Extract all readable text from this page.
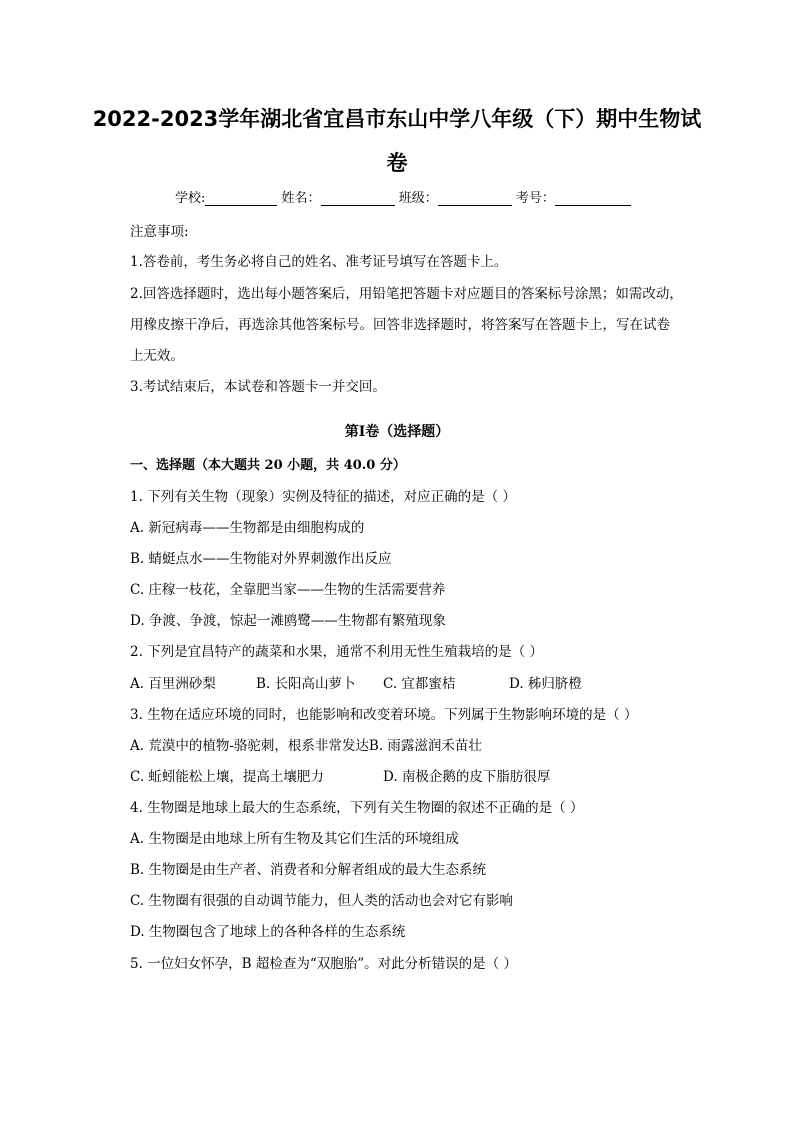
2022-2023学年湖北省宜昌市东山中学八年级（下）期中生物试
卷
学校:	姓名：	班级：	考号：
注意事项:
1.答卷前，考生务必将自己的姓名、准考证号填写在答题卡上。
2.回答选择题时，选出每小题答案后，用铅笔把答题卡对应题目的答案标号涂黑；如需改动，
用橡皮擦干净后，再选涂其他答案标号。回答非选择题时，将答案写在答题卡上，写在试卷
上无效。
3.考试结束后，本试卷和答题卡一并交回。
第I卷（选择题）
一、选择题（本大题共 20 小题，共 40.0 分）
1. 下列有关生物（现象）实例及特征的描述，对应正确的是（ ）
A. 新冠病毒——生物都是由细胞构成的
B. 蜻蜓点水——生物能对外界刺激作出反应
C. 庄稼一枝花，全靠肥当家——生物的生活需要营养
D. 争渡、争渡，惊起一滩鸥鹭——生物都有繁殖现象
2. 下列是宜昌特产的蔬菜和水果，通常不利用无性生殖栽培的是（ ）
A. 百里洲砂梨	B. 长阳高山萝卜 C. 宜都蜜桔	D. 秭归脐橙
3. 生物在适应环境的同时，也能影响和改变着环境。下列属于生物影响环境的是（ ）
A. 荒漠中的植物-骆驼刺，根系非常发达B. 雨露滋润禾苗壮
C. 蚯蚓能松上壤，提高土壤肥力	D. 南极企鹅的皮下脂肪很厚
4. 生物圈是地球上最大的生态系统，下列有关生物圈的叙述不正确的是（ ）
A. 生物圈是由地球上所有生物及其它们生活的环境组成
B. 生物圈是由生产者、消费者和分解者组成的最大生态系统
C. 生物圈有很强的自动调节能力，但人类的活动也会对它有影响
D. 生物圈包含了地球上的各种各样的生态系统
5. 一位妇女怀孕，B 超检查为“双胞胎”。对此分析错误的是（ ）
